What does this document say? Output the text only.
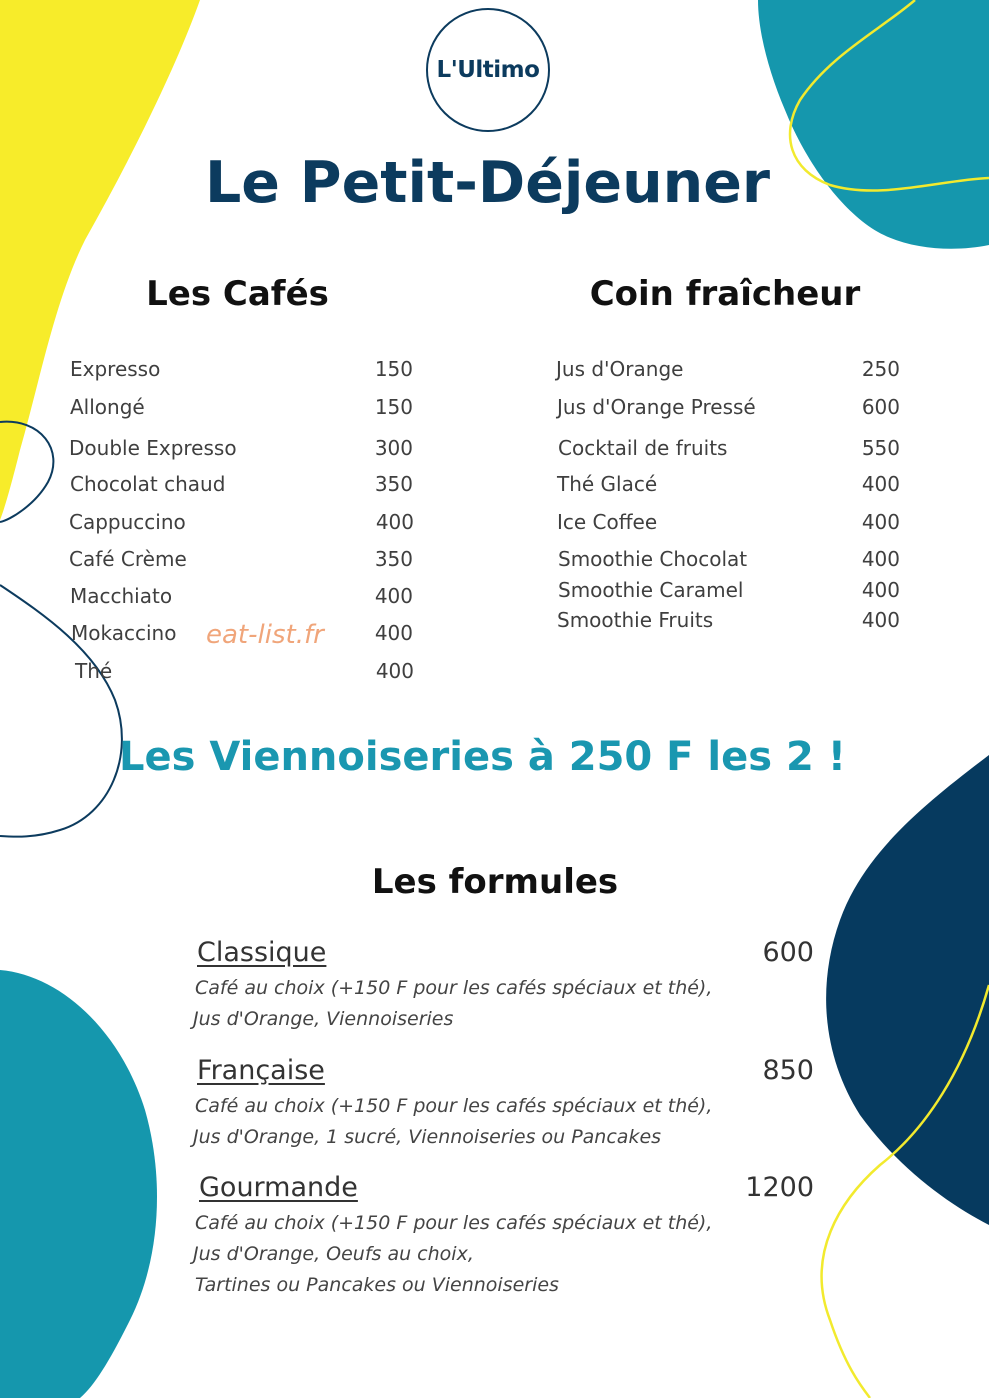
L'Ultimo
Le Petit-Déjeuner
Les Cafés
Expresso	150
Allongé	150
Double Expresso	300
Chocolat chaud	350
Cappuccino	400
Café Crème	350
Macchiato	400
Mokaccino	400
Thé	400
eat-list.fr
Coin fraîcheur
Jus d'Orange	250
Jus d'Orange Pressé	600
Cocktail de fruits	550
Thé Glacé	400
Ice Coffee	400
Smoothie Chocolat	400
Smoothie Caramel	400
Smoothie Fruits	400
Les Viennoiseries à 250 F les 2 !
Les formules
Classique	600
Café au choix (+150 F pour les cafés spéciaux et thé),
Jus d'Orange, Viennoiseries
Française	850
Café au choix (+150 F pour les cafés spéciaux et thé),
Jus d'Orange, 1 sucré, Viennoiseries ou Pancakes
Gourmande	1200
Café au choix (+150 F pour les cafés spéciaux et thé),
Jus d'Orange, Oeufs au choix,
Tartines ou Pancakes ou Viennoiseries
